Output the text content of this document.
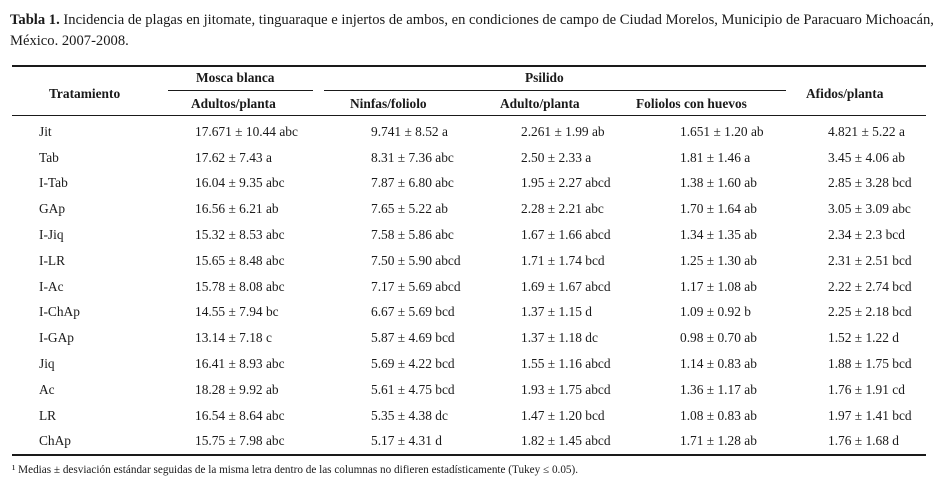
Tabla 1. Incidencia de plagas en jitomate, tinguaraque e injertos de ambos, en condiciones de campo de Ciudad Morelos, Municipio de Paracuaro Michoacán, México. 2007-2008.
Tratamiento
Mosca blanca	Psilido
Adultos/planta	Ninfas/foliolo	Adulto/planta	Foliolos con huevos
Afidos/planta
Jit	17.671 ± 10.44 abc	9.741 ± 8.52 a	2.261 ± 1.99 ab	1.651 ± 1.20 ab	4.821 ± 5.22 a
Tab	17.62 ± 7.43 a	8.31 ± 7.36 abc	2.50 ± 2.33 a	1.81 ± 1.46 a	3.45 ± 4.06 ab
I-Tab	16.04 ± 9.35 abc	7.87 ± 6.80 abc	1.95 ± 2.27 abcd	1.38 ± 1.60 ab	2.85 ± 3.28 bcd
GAp	16.56 ± 6.21 ab	7.65 ± 5.22 ab	2.28 ± 2.21 abc	1.70 ± 1.64 ab	3.05 ± 3.09 abc
I-Jiq	15.32 ± 8.53 abc	7.58 ± 5.86 abc	1.67 ± 1.66 abcd	1.34 ± 1.35 ab	2.34 ± 2.3 bcd
I-LR	15.65 ± 8.48 abc	7.50 ± 5.90 abcd	1.71 ± 1.74 bcd	1.25 ± 1.30 ab	2.31 ± 2.51 bcd
I-Ac	15.78 ± 8.08 abc	7.17 ± 5.69 abcd	1.69 ± 1.67 abcd	1.17 ± 1.08 ab	2.22 ± 2.74 bcd
I-ChAp	14.55 ± 7.94 bc	6.67 ± 5.69 bcd	1.37 ± 1.15 d	1.09 ± 0.92 b	2.25 ± 2.18 bcd
I-GAp	13.14 ± 7.18 c	5.87 ± 4.69 bcd	1.37 ± 1.18 dc	0.98 ± 0.70 ab	1.52 ± 1.22 d
Jiq	16.41 ± 8.93 abc	5.69 ± 4.22 bcd	1.55 ± 1.16 abcd	1.14 ± 0.83 ab	1.88 ± 1.75 bcd
Ac	18.28 ± 9.92 ab	5.61 ± 4.75 bcd	1.93 ± 1.75 abcd	1.36 ± 1.17 ab	1.76 ± 1.91 cd
LR	16.54 ± 8.64 abc	5.35 ± 4.38 dc	1.47 ± 1.20 bcd	1.08 ± 0.83 ab	1.97 ± 1.41 bcd
ChAp	15.75 ± 7.98 abc	5.17 ± 4.31 d	1.82 ± 1.45 abcd	1.71 ± 1.28 ab	1.76 ± 1.68 d
¹ Medias ± desviación estándar seguidas de la misma letra dentro de las columnas no difieren estadísticamente (Tukey ≤ 0.05).
